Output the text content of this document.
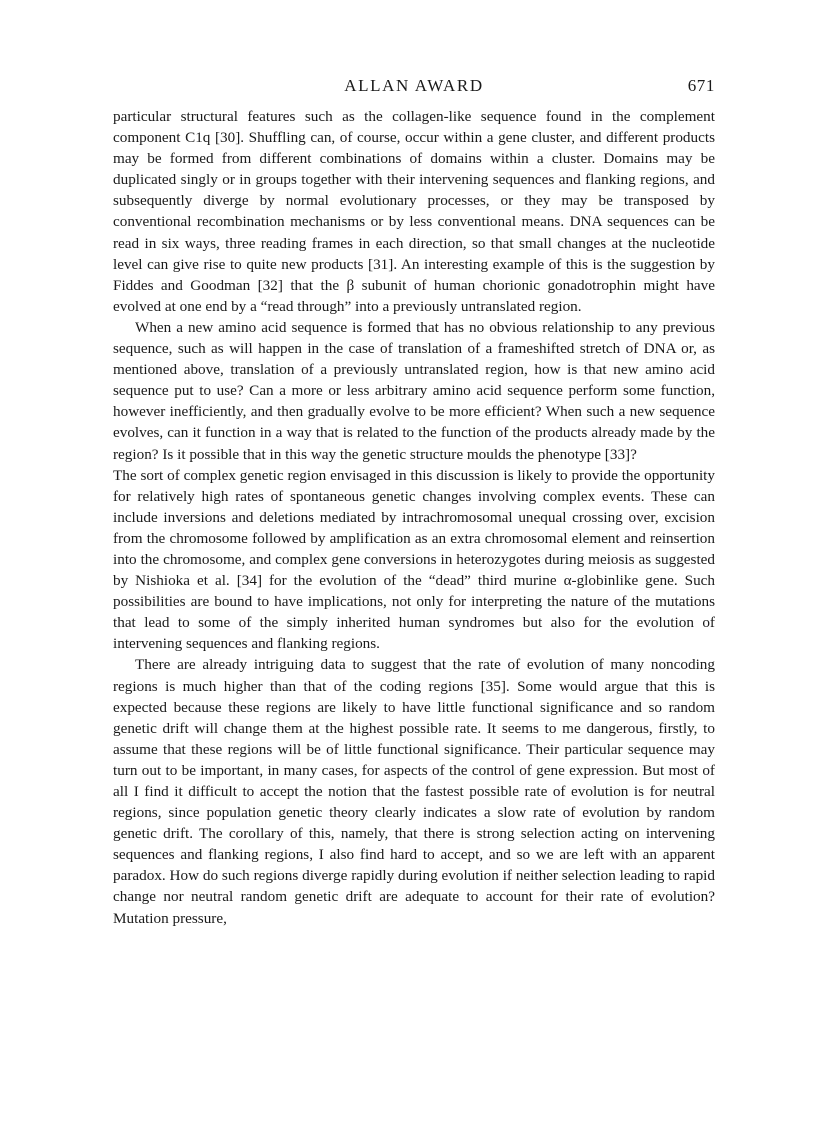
ALLAN AWARD	671

particular structural features such as the collagen-like sequence found in the complement component C1q [30]. Shuffling can, of course, occur within a gene cluster, and different products may be formed from different combinations of domains within a cluster. Domains may be duplicated singly or in groups together with their intervening sequences and flanking regions, and subsequently diverge by normal evolutionary processes, or they may be transposed by conventional recombination mechanisms or by less conventional means. DNA sequences can be read in six ways, three reading frames in each direction, so that small changes at the nucleotide level can give rise to quite new products [31]. An interesting example of this is the suggestion by Fiddes and Goodman [32] that the β subunit of human chorionic gonadotrophin might have evolved at one end by a “read through” into a previously untranslated region.

When a new amino acid sequence is formed that has no obvious relationship to any previous sequence, such as will happen in the case of translation of a frameshifted stretch of DNA or, as mentioned above, translation of a previously untranslated region, how is that new amino acid sequence put to use? Can a more or less arbitrary amino acid sequence perform some function, however inefficiently, and then gradually evolve to be more efficient? When such a new sequence evolves, can it function in a way that is related to the function of the products already made by the region? Is it possible that in this way the genetic structure moulds the phenotype [33]?

The sort of complex genetic region envisaged in this discussion is likely to provide the opportunity for relatively high rates of spontaneous genetic changes involving complex events. These can include inversions and deletions mediated by intrachromosomal unequal crossing over, excision from the chromosome followed by amplification as an extra chromosomal element and reinsertion into the chromosome, and complex gene conversions in heterozygotes during meiosis as suggested by Nishioka et al. [34] for the evolution of the “dead” third murine α-globinlike gene. Such possibilities are bound to have implications, not only for interpreting the nature of the mutations that lead to some of the simply inherited human syndromes but also for the evolution of intervening sequences and flanking regions.

There are already intriguing data to suggest that the rate of evolution of many noncoding regions is much higher than that of the coding regions [35]. Some would argue that this is expected because these regions are likely to have little functional significance and so random genetic drift will change them at the highest possible rate. It seems to me dangerous, firstly, to assume that these regions will be of little functional significance. Their particular sequence may turn out to be important, in many cases, for aspects of the control of gene expression. But most of all I find it difficult to accept the notion that the fastest possible rate of evolution is for neutral regions, since population genetic theory clearly indicates a slow rate of evolution by random genetic drift. The corollary of this, namely, that there is strong selection acting on intervening sequences and flanking regions, I also find hard to accept, and so we are left with an apparent paradox. How do such regions diverge rapidly during evolution if neither selection leading to rapid change nor neutral random genetic drift are adequate to account for their rate of evolution? Mutation pressure,
